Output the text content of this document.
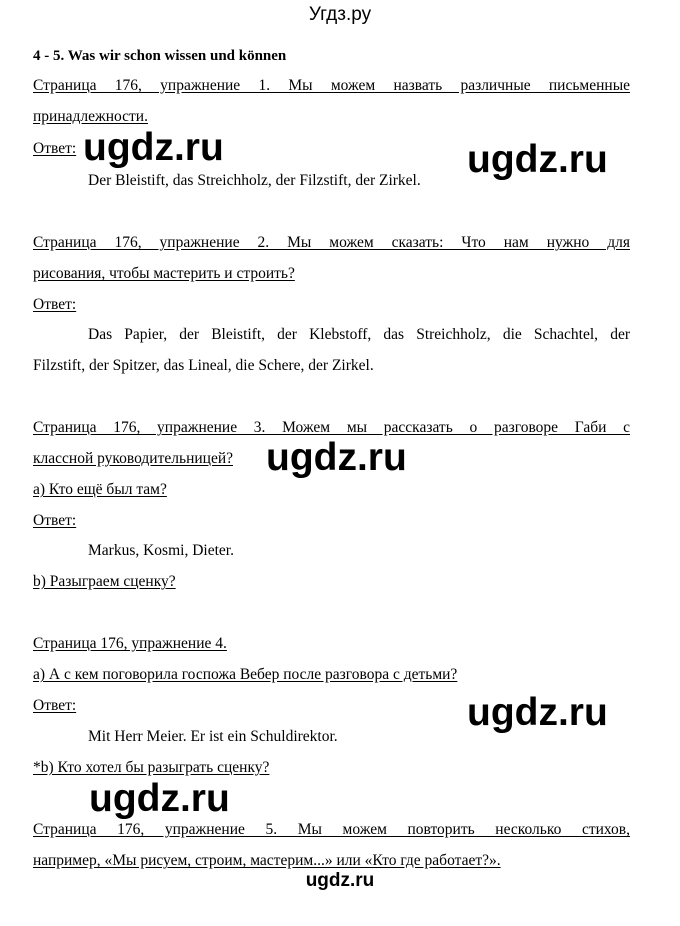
Угдз.ру
4 - 5. Was wir schon wissen und können
Страница 176, упражнение 1. Мы можем назвать различные письменные
принадлежности.
Ответ:
Der Bleistift, das Streichholz, der Filzstift, der Zirkel.
Страница 176, упражнение 2. Мы можем сказать: Что нам нужно для
рисования, чтобы мастерить и строить?
Ответ:
Das Papier, der Bleistift, der Klebstoff, das Streichholz, die Schachtel, der
Filzstift, der Spitzer, das Lineal, die Schere, der Zirkel.
Страница 176, упражнение 3. Можем мы рассказать о разговоре Габи с
классной руководительницей?
a) Кто ещё был там?
Ответ:
Markus, Kosmi, Dieter.
b) Разыграем сценку?
Страница 176, упражнение 4.
a) А с кем поговорила госпожа Вебер после разговора с детьми?
Ответ:
Mit Herr Meier. Er ist ein Schuldirektor.
*b) Кто хотел бы разыграть сценку?
Страница 176, упражнение 5. Мы можем повторить несколько стихов,
например, «Мы рисуем, строим, мастерим...» или «Кто где работает?».
ugdz.ru	ugdz.ru
ugdz.ru
ugdz.ru
ugdz.ru
ugdz.ru
